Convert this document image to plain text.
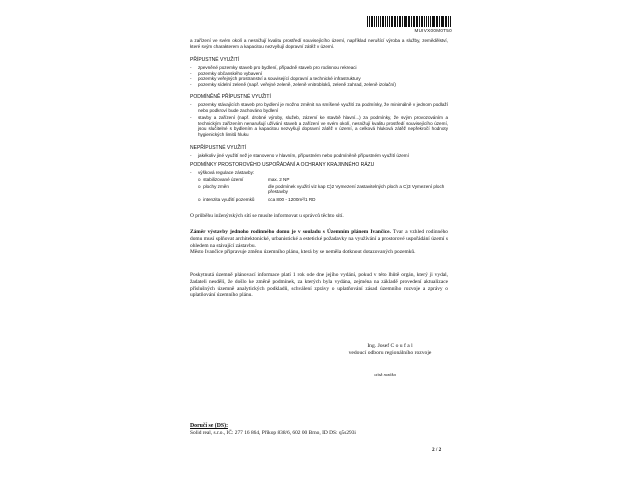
MUIVX00M0T50
a zařízení ve svém okolí a nesnižují kvalitu prostředí souvisejícího území, například nerušící výroba a služby, zemědělství, které svým charakterem a kapacitou nezvyšují dopravní zátěž v území.
PŘÍPUSTNÉ VYUŽITÍ
- zpevněné pozemky staveb pro bydlení, případně staveb pro rodinnou rekreaci
- pozemky občanského vybavení
- pozemky veřejných prostranství a související dopravní a technické infrastruktury
- pozemky sídelní zeleně (např. veřejné zeleně, zeleně vnitrobloků, zeleně zahrad, zeleně izolační)
PODMÍNĚNĚ PŘÍPUSTNÉ VYUŽITÍ
- pozemky stávajících staveb pro bydlení je možno změnit na smíšené využití za podmínky, že minimálně v jednom podlaží nebo podkroví bude zachováno bydlení
- stavby a zařízení (např. drobné výroby, služeb, zázemí ke stavbě hlavní...) za podmínky, že svým provozováním a technickým zařízením nenarušují užívání staveb a zařízení ve svém okolí, nesnižují kvalitu prostředí souvisejícího území, jsou slučitelné s bydlením a kapacitou nezvyšují dopravní zátěž v území, a celková hluková zátěž nepřekročí hodnoty hygienických limitů hluku
NEPŘÍPUSTNÉ VYUŽITÍ
- jakékoliv jiné využití než je stanoveno v hlavním, přípustném nebo podmíněně přípustném využití území
PODMÍNKY PROSTOROVÉHO USPOŘÁDÁNÍ A OCHRANY KRAJINNÉHO RÁZU
- výšková regulace zástavby:
o  stabilizované území	max. 2 NP
o  plochy změn	dle podmínek využití viz kap C)2 Vymezení zastavitelných ploch a C)3 Vymezení ploch přestavby
o  intenzita využití pozemků	cca 800 - 1200m²/1 RD
O průběhu inženýrských sítí se musíte informovat u správců těchto sítí.
Záměr výstavby jednoho rodinného domu je v souladu s Územním plánem Ivančice. Tvar a vzhled rodinného domu musí splňovat architektonické, urbanistické a estetické požadavky na využívání a prostorové uspořádání území s ohledem na stávající zástavbu.
Město Ivančice připravuje změnu územního plánu, která by se neměla dotknout dotazovaných pozemků.
Poskytnutá územně plánovací informace platí 1 rok ode dne jejího vydání, pokud v této lhůtě orgán, který ji vydal, žadateli nesdělí, že došlo ke změně podmínek, za kterých byla vydána, zejména na základě provedení aktualizace příslušných územně analytických podkladů, schválení zprávy o uplatňování zásad územního rozvoje a zprávy o uplatňování územního plánu.
Ing. Josef C o u f a l
vedoucí odboru regionálního rozvoje
otisk razítka
Doručí se (DS):
Solid real, s.r.o., IČ: 277 16 864, Příkop 838/6, 602 00 Brno, ID DS: q5s293i
2 / 2
